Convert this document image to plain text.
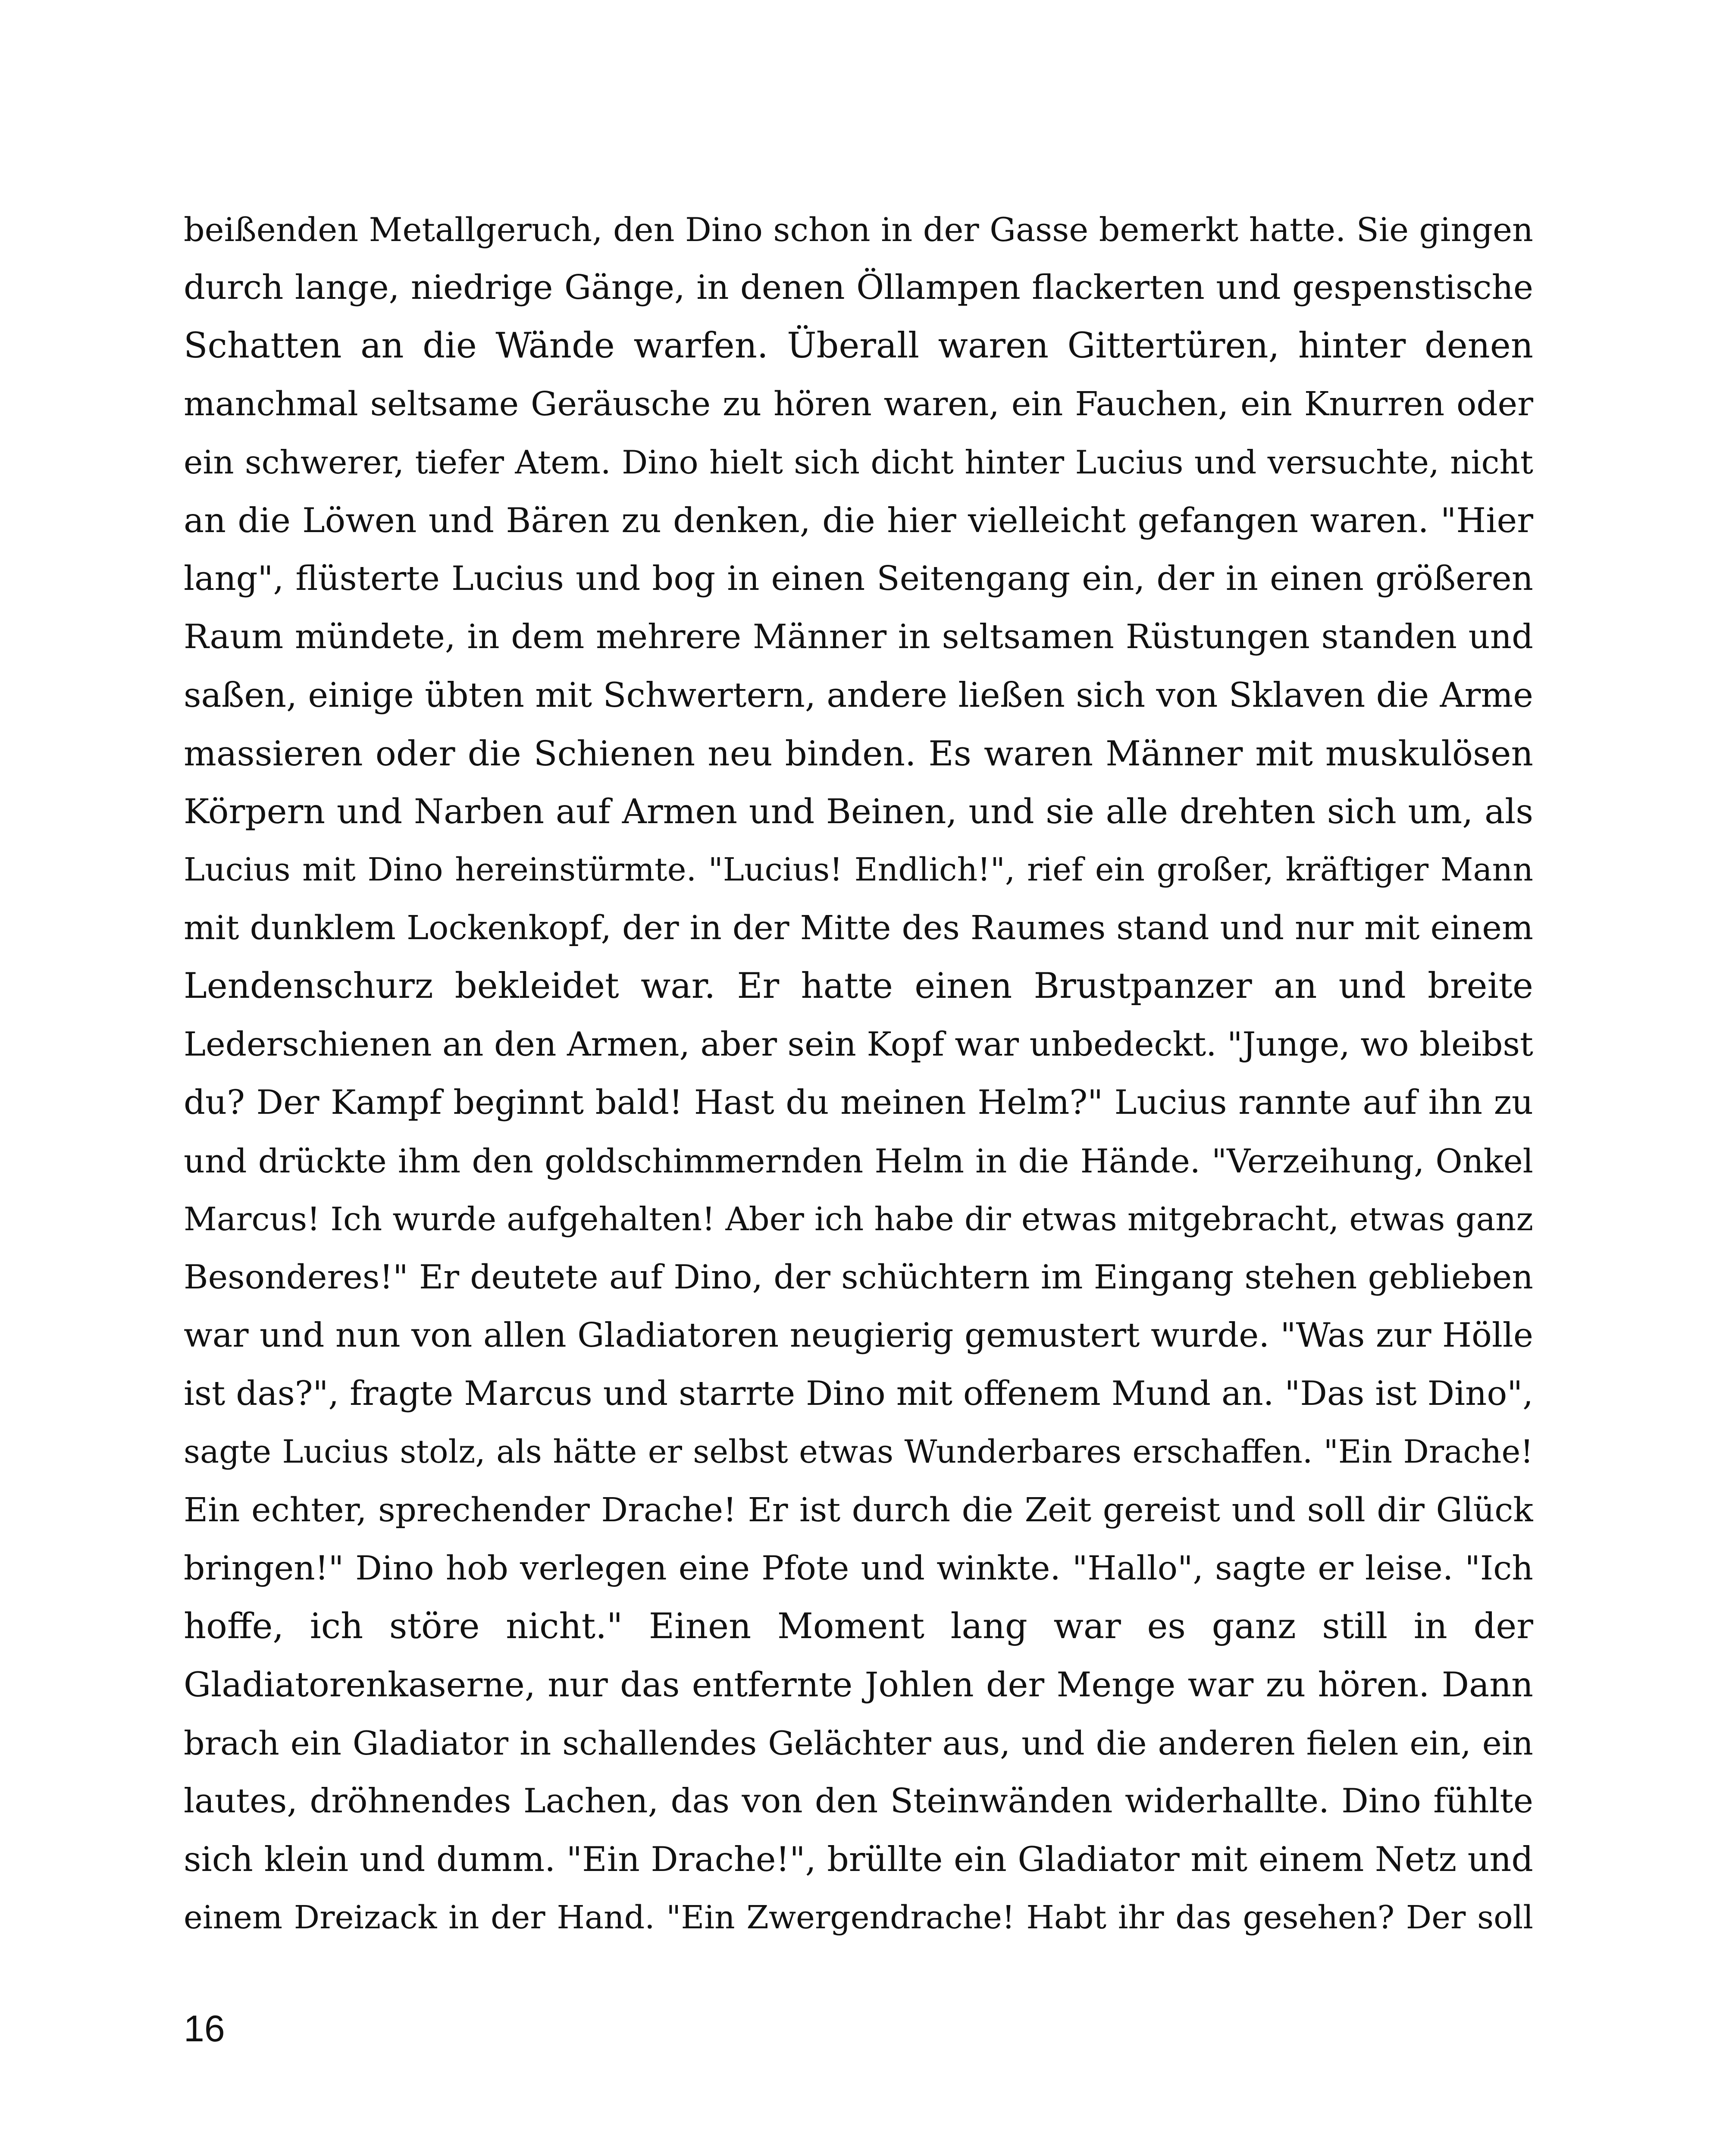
beißenden Metallgeruch, den Dino schon in der Gasse bemerkt hatte. Sie gingen
durch lange, niedrige Gänge, in denen Öllampen flackerten und gespenstische
Schatten an die Wände warfen. Überall waren Gittertüren, hinter denen
manchmal seltsame Geräusche zu hören waren, ein Fauchen, ein Knurren oder
ein schwerer, tiefer Atem. Dino hielt sich dicht hinter Lucius und versuchte, nicht
an die Löwen und Bären zu denken, die hier vielleicht gefangen waren. "Hier
lang", flüsterte Lucius und bog in einen Seitengang ein, der in einen größeren
Raum mündete, in dem mehrere Männer in seltsamen Rüstungen standen und
saßen, einige übten mit Schwertern, andere ließen sich von Sklaven die Arme
massieren oder die Schienen neu binden. Es waren Männer mit muskulösen
Körpern und Narben auf Armen und Beinen, und sie alle drehten sich um, als
Lucius mit Dino hereinstürmte. "Lucius! Endlich!", rief ein großer, kräftiger Mann
mit dunklem Lockenkopf, der in der Mitte des Raumes stand und nur mit einem
Lendenschurz bekleidet war. Er hatte einen Brustpanzer an und breite
Lederschienen an den Armen, aber sein Kopf war unbedeckt. "Junge, wo bleibst
du? Der Kampf beginnt bald! Hast du meinen Helm?" Lucius rannte auf ihn zu
und drückte ihm den goldschimmernden Helm in die Hände. "Verzeihung, Onkel
Marcus! Ich wurde aufgehalten! Aber ich habe dir etwas mitgebracht, etwas ganz
Besonderes!" Er deutete auf Dino, der schüchtern im Eingang stehen geblieben
war und nun von allen Gladiatoren neugierig gemustert wurde. "Was zur Hölle
ist das?", fragte Marcus und starrte Dino mit offenem Mund an. "Das ist Dino",
sagte Lucius stolz, als hätte er selbst etwas Wunderbares erschaffen. "Ein Drache!
Ein echter, sprechender Drache! Er ist durch die Zeit gereist und soll dir Glück
bringen!" Dino hob verlegen eine Pfote und winkte. "Hallo", sagte er leise. "Ich
hoffe, ich störe nicht." Einen Moment lang war es ganz still in der
Gladiatorenkaserne, nur das entfernte Johlen der Menge war zu hören. Dann
brach ein Gladiator in schallendes Gelächter aus, und die anderen fielen ein, ein
lautes, dröhnendes Lachen, das von den Steinwänden widerhallte. Dino fühlte
sich klein und dumm. "Ein Drache!", brüllte ein Gladiator mit einem Netz und
einem Dreizack in der Hand. "Ein Zwergendrache! Habt ihr das gesehen? Der soll
16
